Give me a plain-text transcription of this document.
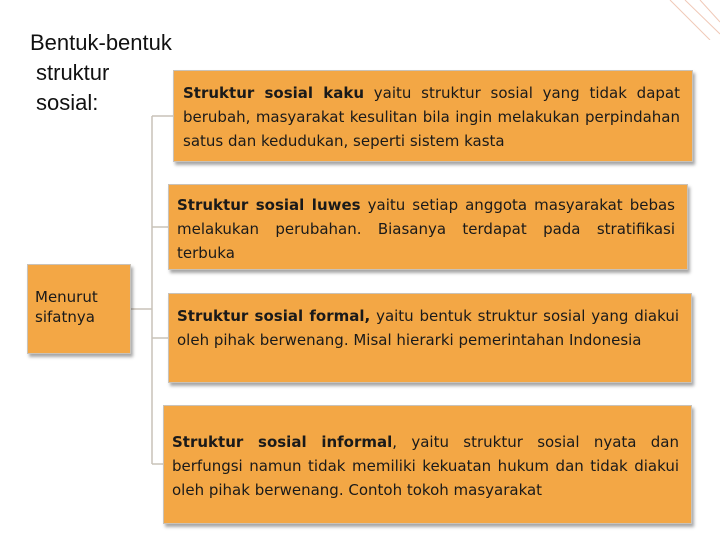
Bentuk-bentuk
struktur
sosial:
Menurut sifatnya
Struktur sosial kaku yaitu struktur sosial yang tidak dapat berubah, masyarakat kesulitan bila ingin melakukan perpindahan satus dan kedudukan, seperti sistem kasta
Struktur sosial luwes yaitu setiap anggota masyarakat bebas melakukan perubahan. Biasanya terdapat pada stratifikasi terbuka
Struktur sosial formal, yaitu bentuk struktur sosial yang diakui oleh pihak berwenang. Misal hierarki pemerintahan Indonesia
Struktur sosial informal, yaitu struktur sosial nyata dan berfungsi namun tidak memiliki kekuatan hukum dan tidak diakui oleh pihak berwenang. Contoh tokoh masyarakat
